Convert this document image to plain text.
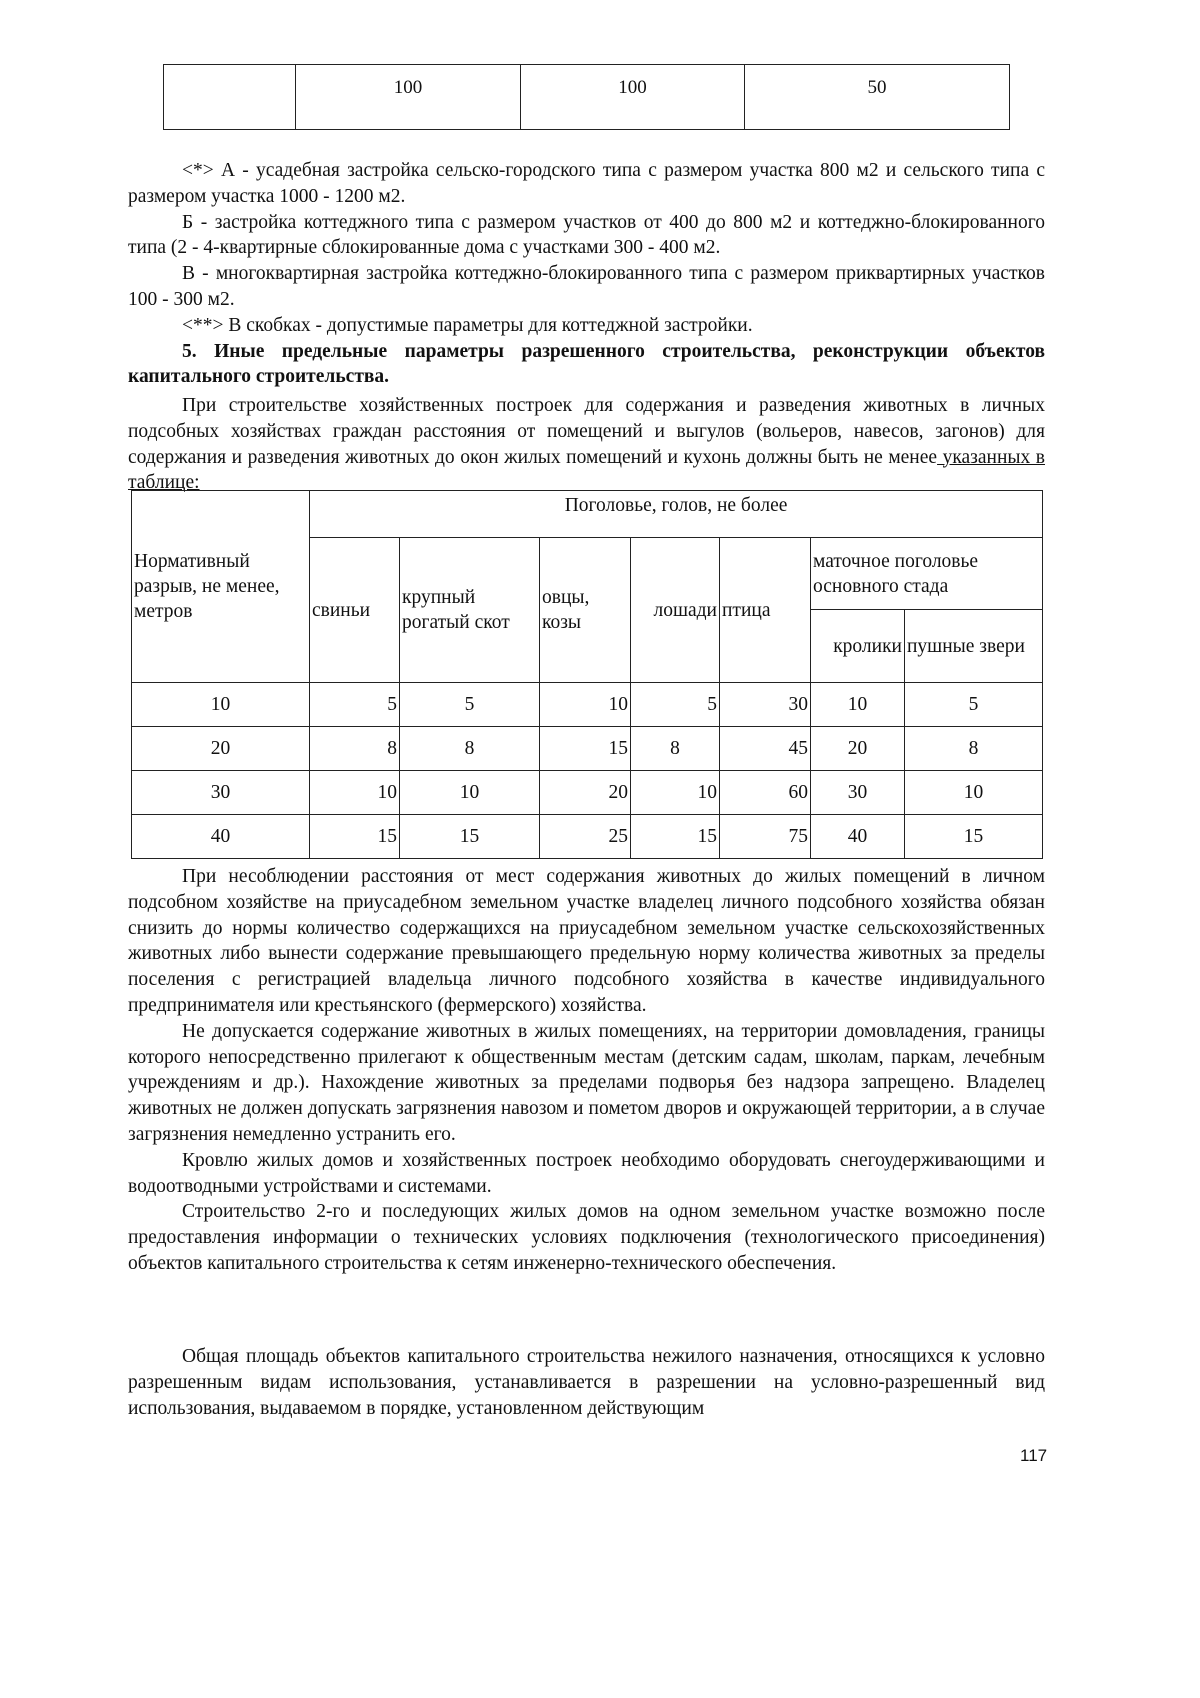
	100	100	50

<*> А - усадебная застройка сельско-городского типа с размером участка 800 м2 и сельского типа с размером участка 1000 - 1200 м2.

Б - застройка коттеджного типа с размером участков от 400 до 800 м2 и коттеджно-блокированного типа (2 - 4-квартирные сблокированные дома с участками 300 - 400 м2.

В - многоквартирная застройка коттеджно-блокированного типа с размером приквартирных участков 100 - 300 м2.

<**> В скобках - допустимые параметры для коттеджной застройки.

5. Иные предельные параметры разрешенного строительства, реконструкции объектов капитального строительства.

При строительстве хозяйственных построек для содержания и разведения животных в личных подсобных хозяйствах граждан расстояния от помещений и выгулов (вольеров, навесов, загонов) для содержания и разведения животных до окон жилых помещений и кухонь должны быть не менее указанных в таблице:

Нормативный разрыв, не менее, метров	Поголовье, голов, не более						
	свиньи	крупный рогатый скот	овцы, козы	лошади	птица	маточное поголовье основного стада	
						кролики	пушные звери
10	5	5	10	5	30	10	5
20	8	8	15	8	45	20	8
30	10	10	20	10	60	30	10
40	15	15	25	15	75	40	15

При несоблюдении расстояния от мест содержания животных до жилых помещений в личном подсобном хозяйстве на приусадебном земельном участке владелец личного подсобного хозяйства обязан снизить до нормы количество содержащихся на приусадебном земельном участке сельскохозяйственных животных либо вынести содержание превышающего предельную норму количества животных за пределы поселения с регистрацией владельца личного подсобного хозяйства в качестве индивидуального предпринимателя или крестьянского (фермерского) хозяйства.

Не допускается содержание животных в жилых помещениях, на территории домовладения, границы которого непосредственно прилегают к общественным местам (детским садам, школам, паркам, лечебным учреждениям и др.). Нахождение животных за пределами подворья без надзора запрещено. Владелец животных не должен допускать загрязнения навозом и пометом дворов и окружающей территории, а в случае загрязнения немедленно устранить его.

Кровлю жилых домов и хозяйственных построек необходимо оборудовать снегоудерживающими и водоотводными устройствами и системами.

Строительство 2-го и последующих жилых домов на одном земельном участке возможно после предоставления информации о технических условиях подключения (технологического присоединения) объектов капитального строительства к сетям инженерно-технического обеспечения.

Общая площадь объектов капитального строительства нежилого назначения, относящихся к условно разрешенным видам использования, устанавливается в разрешении на условно-разрешенный вид использования, выдаваемом в порядке, установленном действующим

117
